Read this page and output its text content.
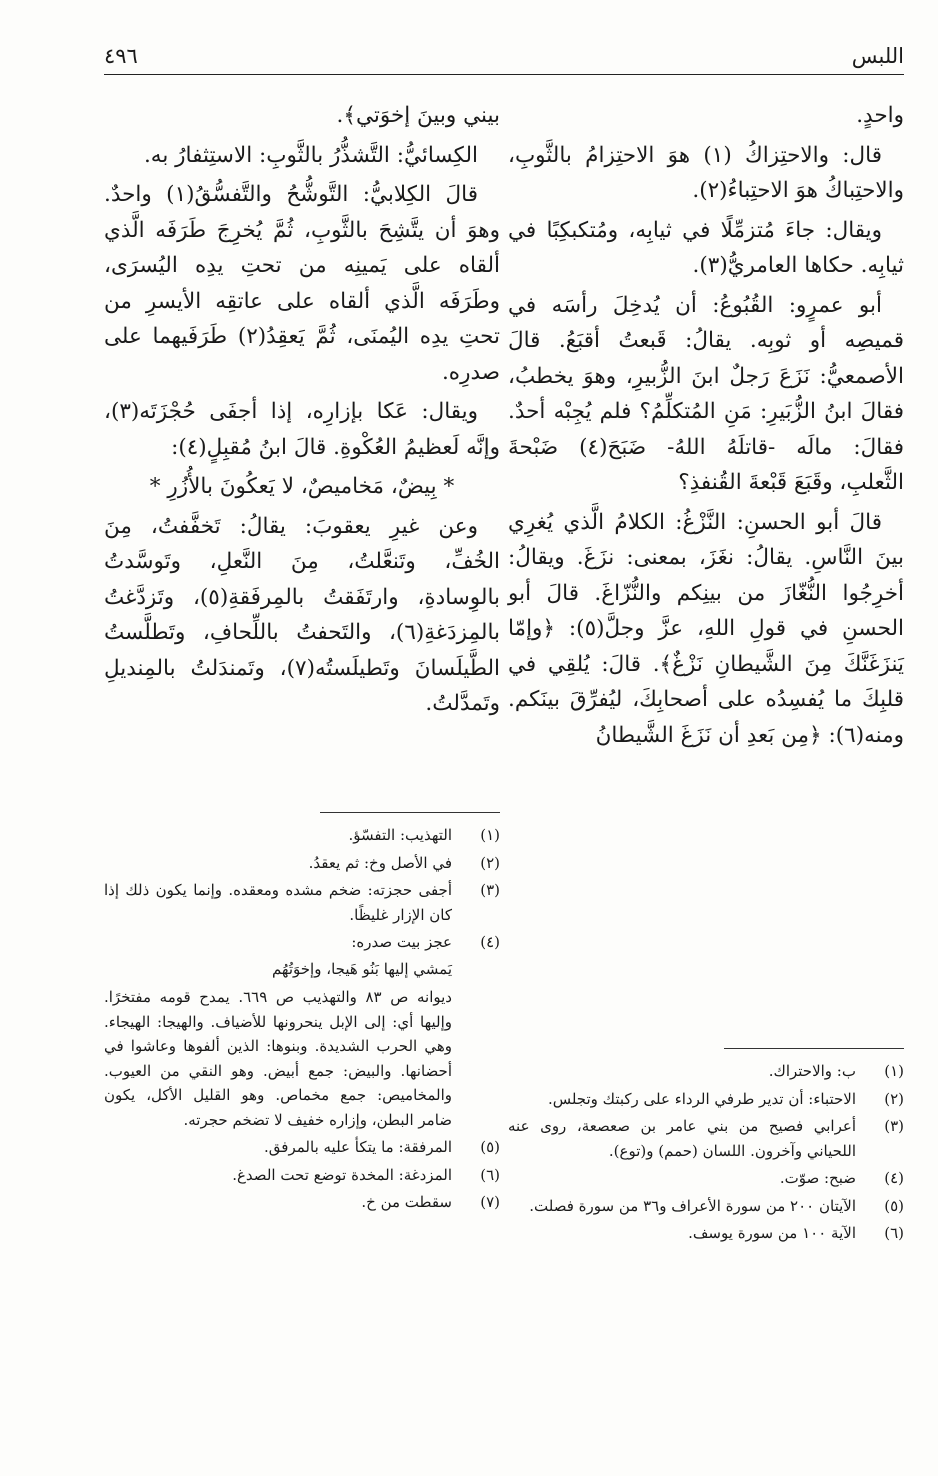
اللبس
٤٩٦

واحدٍ.

قال: والاحتِزاكُ (١) هوَ الاحتِزامُ بالثَّوبِ، والاحتِباكُ هوَ الاحتِباءُ(٢).

ويقال: جاءَ مُتزمِّلًا في ثيابِه، ومُتكبكِبًا في ثيابِه. حكاها العامريُّ(٣).

أبو عمرٍو: القُبُوعُ: أن يُدخِلَ رأسَه في قميصِه أو ثوبِه. يقالُ: قَبعتُ أقبَعُ. قالَ الأصمعيُّ: نَزَعَ رَجلٌ ابنَ الزُّبيرِ، وهوَ يخطبُ، فقالَ ابنُ الزُّبَيرِ: مَنِ المُتكلِّمُ؟ فلم يُجِبْه أحدٌ. فقالَ: مالَه -قاتلَهُ اللهُ- ضَبَحَ(٤) ضَبْحةَ الثَّعلبِ، وقَبَعَ قَبْعةَ القُنفذِ؟

قالَ أبو الحسنِ: النَّزْغُ: الكلامُ الَّذي يُغرِي بينَ النَّاسِ. يقالُ: نغَزَ، بمعنى: نزَغَ. ويقالُ: أخرِجُوا النُّغّازَ من بينِكم والنُّزّاغَ. قالَ أبو الحسنِ في قولِ اللهِ، عزَّ وجلَّ(٥): ﴿وإمّا يَنزَغَنَّكَ مِنَ الشَّيطانِ نَزْغٌ﴾. قالَ: يُلقِي في قلبِكَ ما يُفسِدُه على أصحابِكَ، ليُفرِّقَ بينَكم. ومنه(٦): ﴿مِن بَعدِ أن نَزَغَ الشَّيطانُ

بيني وبينَ إخوَتي﴾.

الكِسائيُّ: التَّشذُّرُ بالثَّوبِ: الاستِثفارُ به.

قالَ الكِلابيُّ: التَّوشُّحُ والتَّفسُّقُ(١) واحدٌ. وهوَ أن يتَّشِحَ بالثَّوبِ، ثُمَّ يُخرِجَ طَرَفَه الَّذي ألقاه على يَمينِه من تحتِ يدِه اليُسرَى، وطَرَفَه الَّذي ألقاه على عاتقِه الأيسرِ من تحتِ يدِه اليُمنَى، ثُمَّ يَعقِدُ(٢) طَرَفَيهما على صدرِه.

ويقال: عَكا بإزارِه، إذا أجفَى حُجْزَتَه(٣)، وإنَّه لَعظيمُ العُكْوةِ. قالَ ابنُ مُقبِلٍ(٤):

* بِيضٌ، مَخاميصٌ، لا يَعكُونَ بالأُزُرِ *

وعن غيرِ يعقوبَ: يقالُ: تَخفَّفتُ، مِنَ الخُفِّ، وتَنعَّلتُ، مِنَ النَّعلِ، وتَوسَّدتُ بالوِسادةِ، وارتَفَقتُ بالمِرفَقةِ(٥)، وتَزدَّغتُ بالمِزدَغةِ(٦)، والتَحفتُ باللِّحافِ، وتَطلَّستُ الطَّيلَسانَ وتَطيلَستُه(٧)، وتَمندَلتُ بالمِنديلِ وتَمدَّلتُ.

(١)

التهذيب: التفسّؤ.

(٢)

في الأصل وخ: ثم يعقدُ.

(٣)

أجفى حجزته: ضخم مشده ومعقده. وإنما يكون ذلك إذا كان الإزار غليظًا.

(٤)

عجز بيت صدره:

يَمشي إليها بَنُو هَيجا، وإخوَتُهُم

ديوانه ص ٨٣ والتهذيب ص ٦٦٩. يمدح قومه مفتخرًا. وإليها أي: إلى الإبل ينحرونها للأضياف. والهيجا: الهيجاء. وهي الحرب الشديدة. وبنوها: الذين ألفوها وعاشوا في أحضانها. والبيض: جمع أبيض. وهو النقي من العيوب. والمخاميص: جمع مخماص. وهو القليل الأكل، يكون ضامر البطن، وإزاره خفيف لا تضخم حجرته.

(٥)

المرفقة: ما يتكأ عليه بالمرفق.

(٦)

المزدغة: المخدة توضع تحت الصدغ.

(٧)

سقطت من خ.

(١)

ب: والاحتراك.

(٢)

الاحتباء: أن تدير طرفي الرداء على ركبتك وتجلس.

(٣)

أعرابي فصيح من بني عامر بن صعصعة، روى عنه اللحياني وآخرون. اللسان (حمم) و(توع).

(٤)

ضبح: صوّت.

(٥)

الآيتان ٢٠٠ من سورة الأعراف و٣٦ من سورة فصلت.

(٦)

الآية ١٠٠ من سورة يوسف.
